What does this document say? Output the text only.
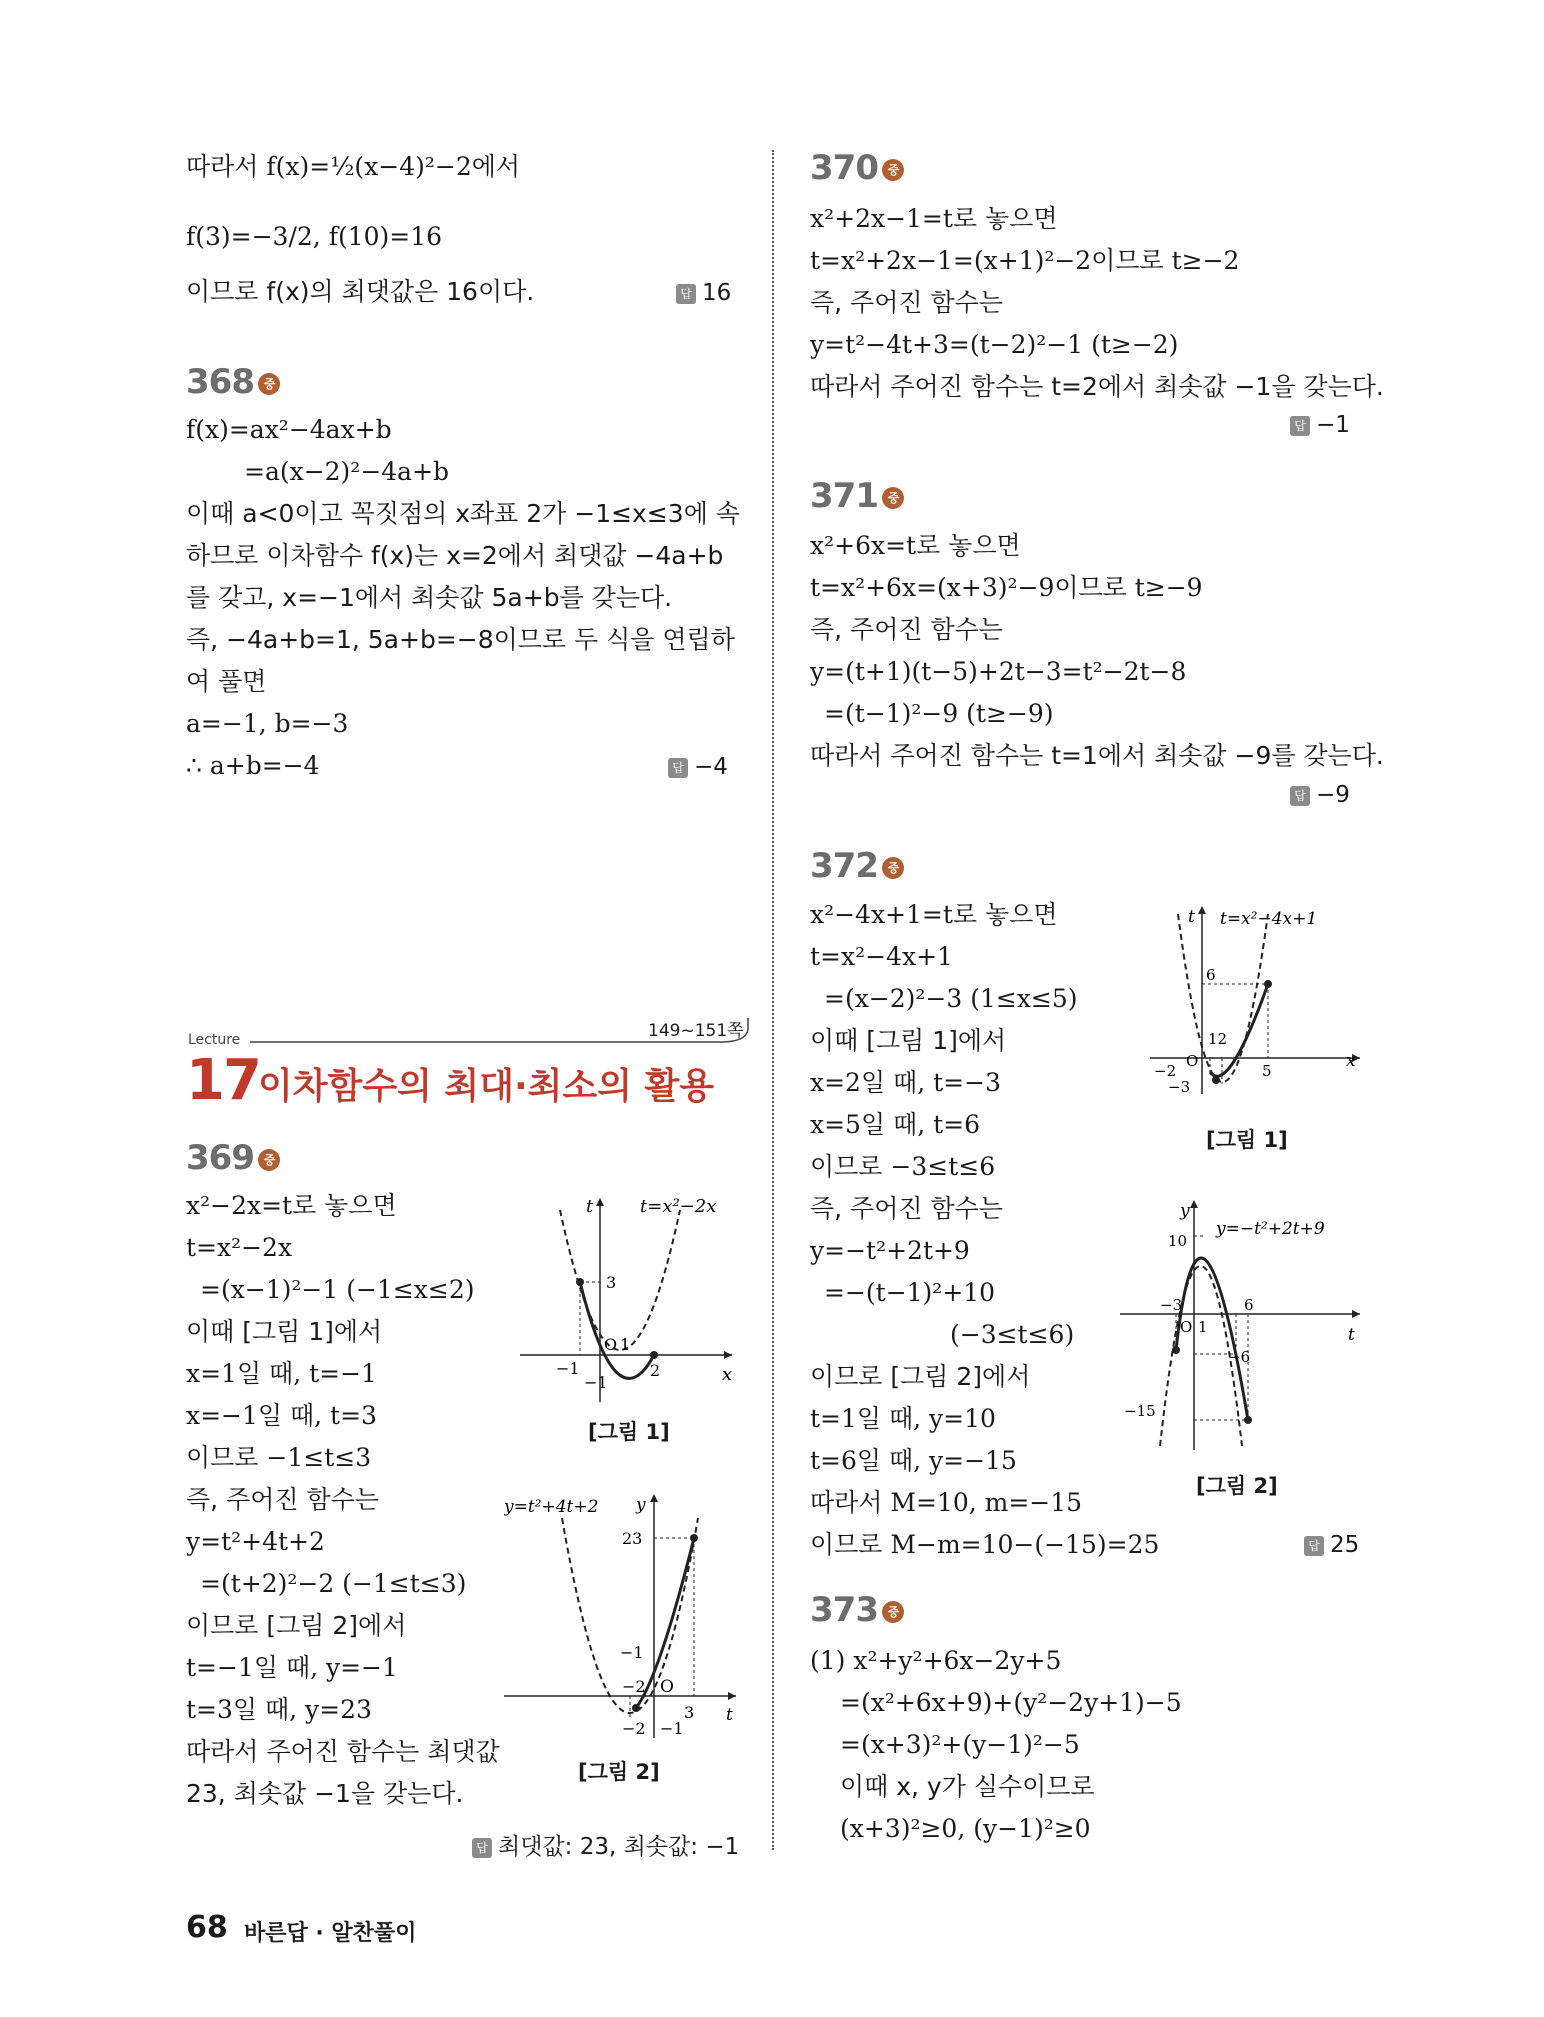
따라서 f(x)=½(x−4)²−2에서
f(3)=−3/2, f(10)=16
이므로 f(x)의 최댓값은 16이다.	답 16
368 중
f(x)=ax²−4ax+b
=a(x−2)²−4a+b
이때 a<0이고 꼭짓점의 x좌표 2가 −1≤x≤3에 속
하므로 이차함수 f(x)는 x=2에서 최댓값 −4a+b
를 갖고, x=−1에서 최솟값 5a+b를 갖는다.
즉, −4a+b=1, 5a+b=−8이므로 두 식을 연립하
여 풀면
a=−1, b=−3
∴ a+b=−4	답 −4
149~151쪽
Lecture
17
이차함수의 최대·최소의 활용
369 중
x²−2x=t로 놓으면
t=x²−2x
=(x−1)²−1 (−1≤x≤2)
이때 [그림 1]에서
x=1일 때, t=−1
x=−1일 때, t=3
이므로 −1≤t≤3
즉, 주어진 함수는
y=t²+4t+2
=(t+2)²−2 (−1≤t≤3)
이므로 [그림 2]에서
t=−1일 때, y=−1
t=3일 때, y=23
따라서 주어진 함수는 최댓값
23, 최솟값 −1을 갖는다.
답 최댓값: 23, 최솟값: −1
t	t=x²−2x
x
3
O 1
−1	2
−1
[그림 1]
y=t²+4t+2 y
t
O
23
−1
−2
3
−2 −1
[그림 2]
370 중
x²+2x−1=t로 놓으면
t=x²+2x−1=(x+1)²−2이므로 t≥−2
즉, 주어진 함수는
y=t²−4t+3=(t−2)²−1 (t≥−2)
따라서 주어진 함수는 t=2에서 최솟값 −1을 갖는다.
답 −1
371 중
x²+6x=t로 놓으면
t=x²+6x=(x+3)²−9이므로 t≥−9
즉, 주어진 함수는
y=(t+1)(t−5)+2t−3=t²−2t−8
=(t−1)²−9 (t≥−9)
따라서 주어진 함수는 t=1에서 최솟값 −9를 갖는다.
답 −9
372 중
x²−4x+1=t로 놓으면
t=x²−4x+1
=(x−2)²−3 (1≤x≤5)
이때 [그림 1]에서
x=2일 때, t=−3
x=5일 때, t=6
이므로 −3≤t≤6
즉, 주어진 함수는
y=−t²+2t+9
=−(t−1)²+10
(−3≤t≤6)
이므로 [그림 2]에서
t=1일 때, y=10
t=6일 때, y=−15
따라서 M=10, m=−15
이므로 M−m=10−(−15)=25	답 25
t t=x²−4x+1
x
6
12
O
5
−2
−3
[그림 1]
y
y=−t²+2t+9
t
10
−3
O 1
6
−6
−15
[그림 2]
373 중
(1) x²+y²+6x−2y+5
=(x²+6x+9)+(y²−2y+1)−5
=(x+3)²+(y−1)²−5
이때 x, y가 실수이므로
(x+3)²≥0, (y−1)²≥0
68 바른답 · 알찬풀이
